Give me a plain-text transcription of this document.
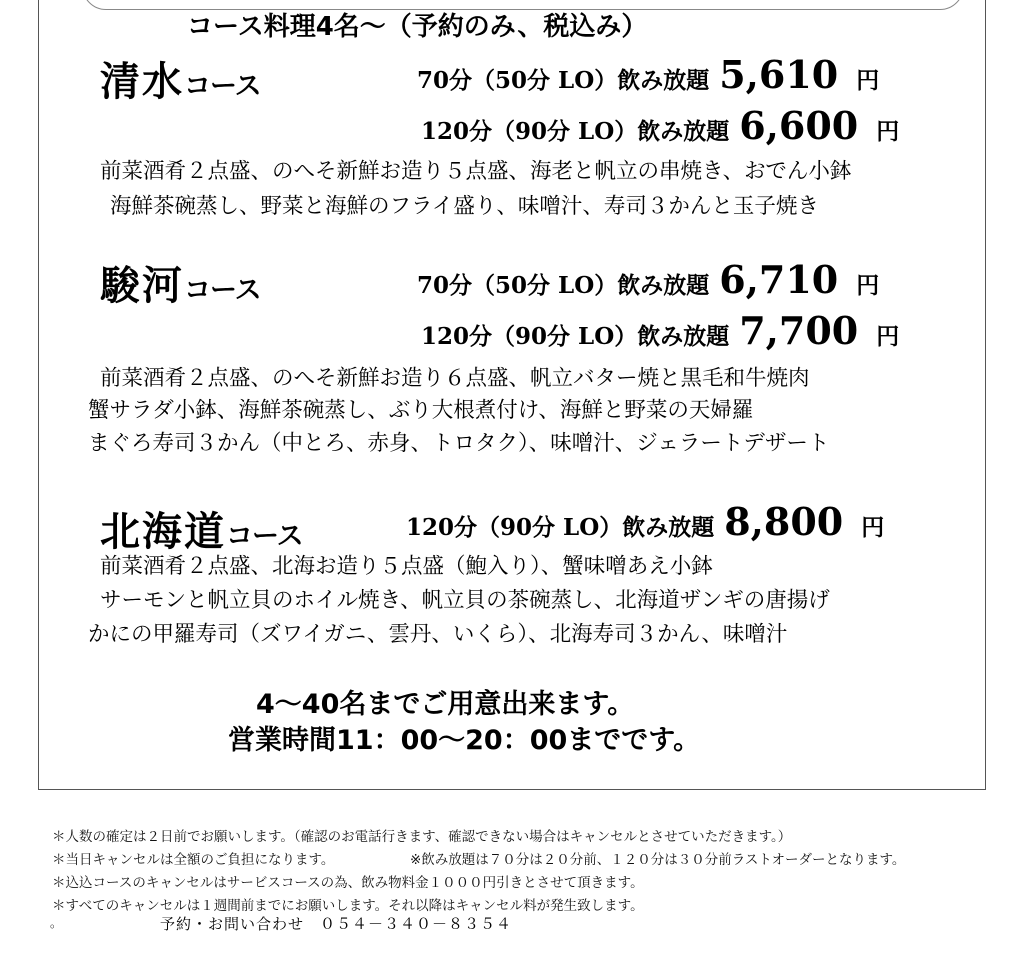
コース料理4名～（予約のみ、税込み）
清水コース	70分（50分 LO）飲み放題 5,610 円
120分（90分 LO）飲み放題 6,600 円
前菜酒肴２点盛、のへそ新鮮お造り５点盛、海老と帆立の串焼き、おでん小鉢
海鮮茶碗蒸し、野菜と海鮮のフライ盛り、味噌汁、寿司３かんと玉子焼き
駿河コース	70分（50分 LO）飲み放題 6,710 円
120分（90分 LO）飲み放題 7,700 円
前菜酒肴２点盛、のへそ新鮮お造り６点盛、帆立バター焼と黒毛和牛焼肉
蟹サラダ小鉢、海鮮茶碗蒸し、ぶり大根煮付け、海鮮と野菜の天婦羅
まぐろ寿司３かん（中とろ、赤身、トロタク）、味噌汁、ジェラートデザート
北海道コース	120分（90分 LO）飲み放題 8,800 円
前菜酒肴２点盛、北海お造り５点盛（鮑入り）、蟹味噌あえ小鉢
サーモンと帆立貝のホイル焼き、帆立貝の茶碗蒸し、北海道ザンギの唐揚げ
かにの甲羅寿司（ズワイガニ、雲丹、いくら）、北海寿司３かん、味噌汁
4～40名までご用意出来ます。
営業時間11：00～20：00までです。
＊人数の確定は２日前でお願いします。（確認のお電話行きます、確認できない場合はキャンセルとさせていただきます。）
＊当日キャンセルは全額のご負担になります。	※飲み放題は７０分は２０分前、１２０分は３０分前ラストオーダーとなります。
＊込込コースのキャンセルはサービスコースの為、飲み物料金１０００円引きとさせて頂きます。
＊すべてのキャンセルは１週間前までにお願いします。それ以降はキャンセル料が発生致します。
。	予約・お問い合わせ　０５４－３４０－８３５４
